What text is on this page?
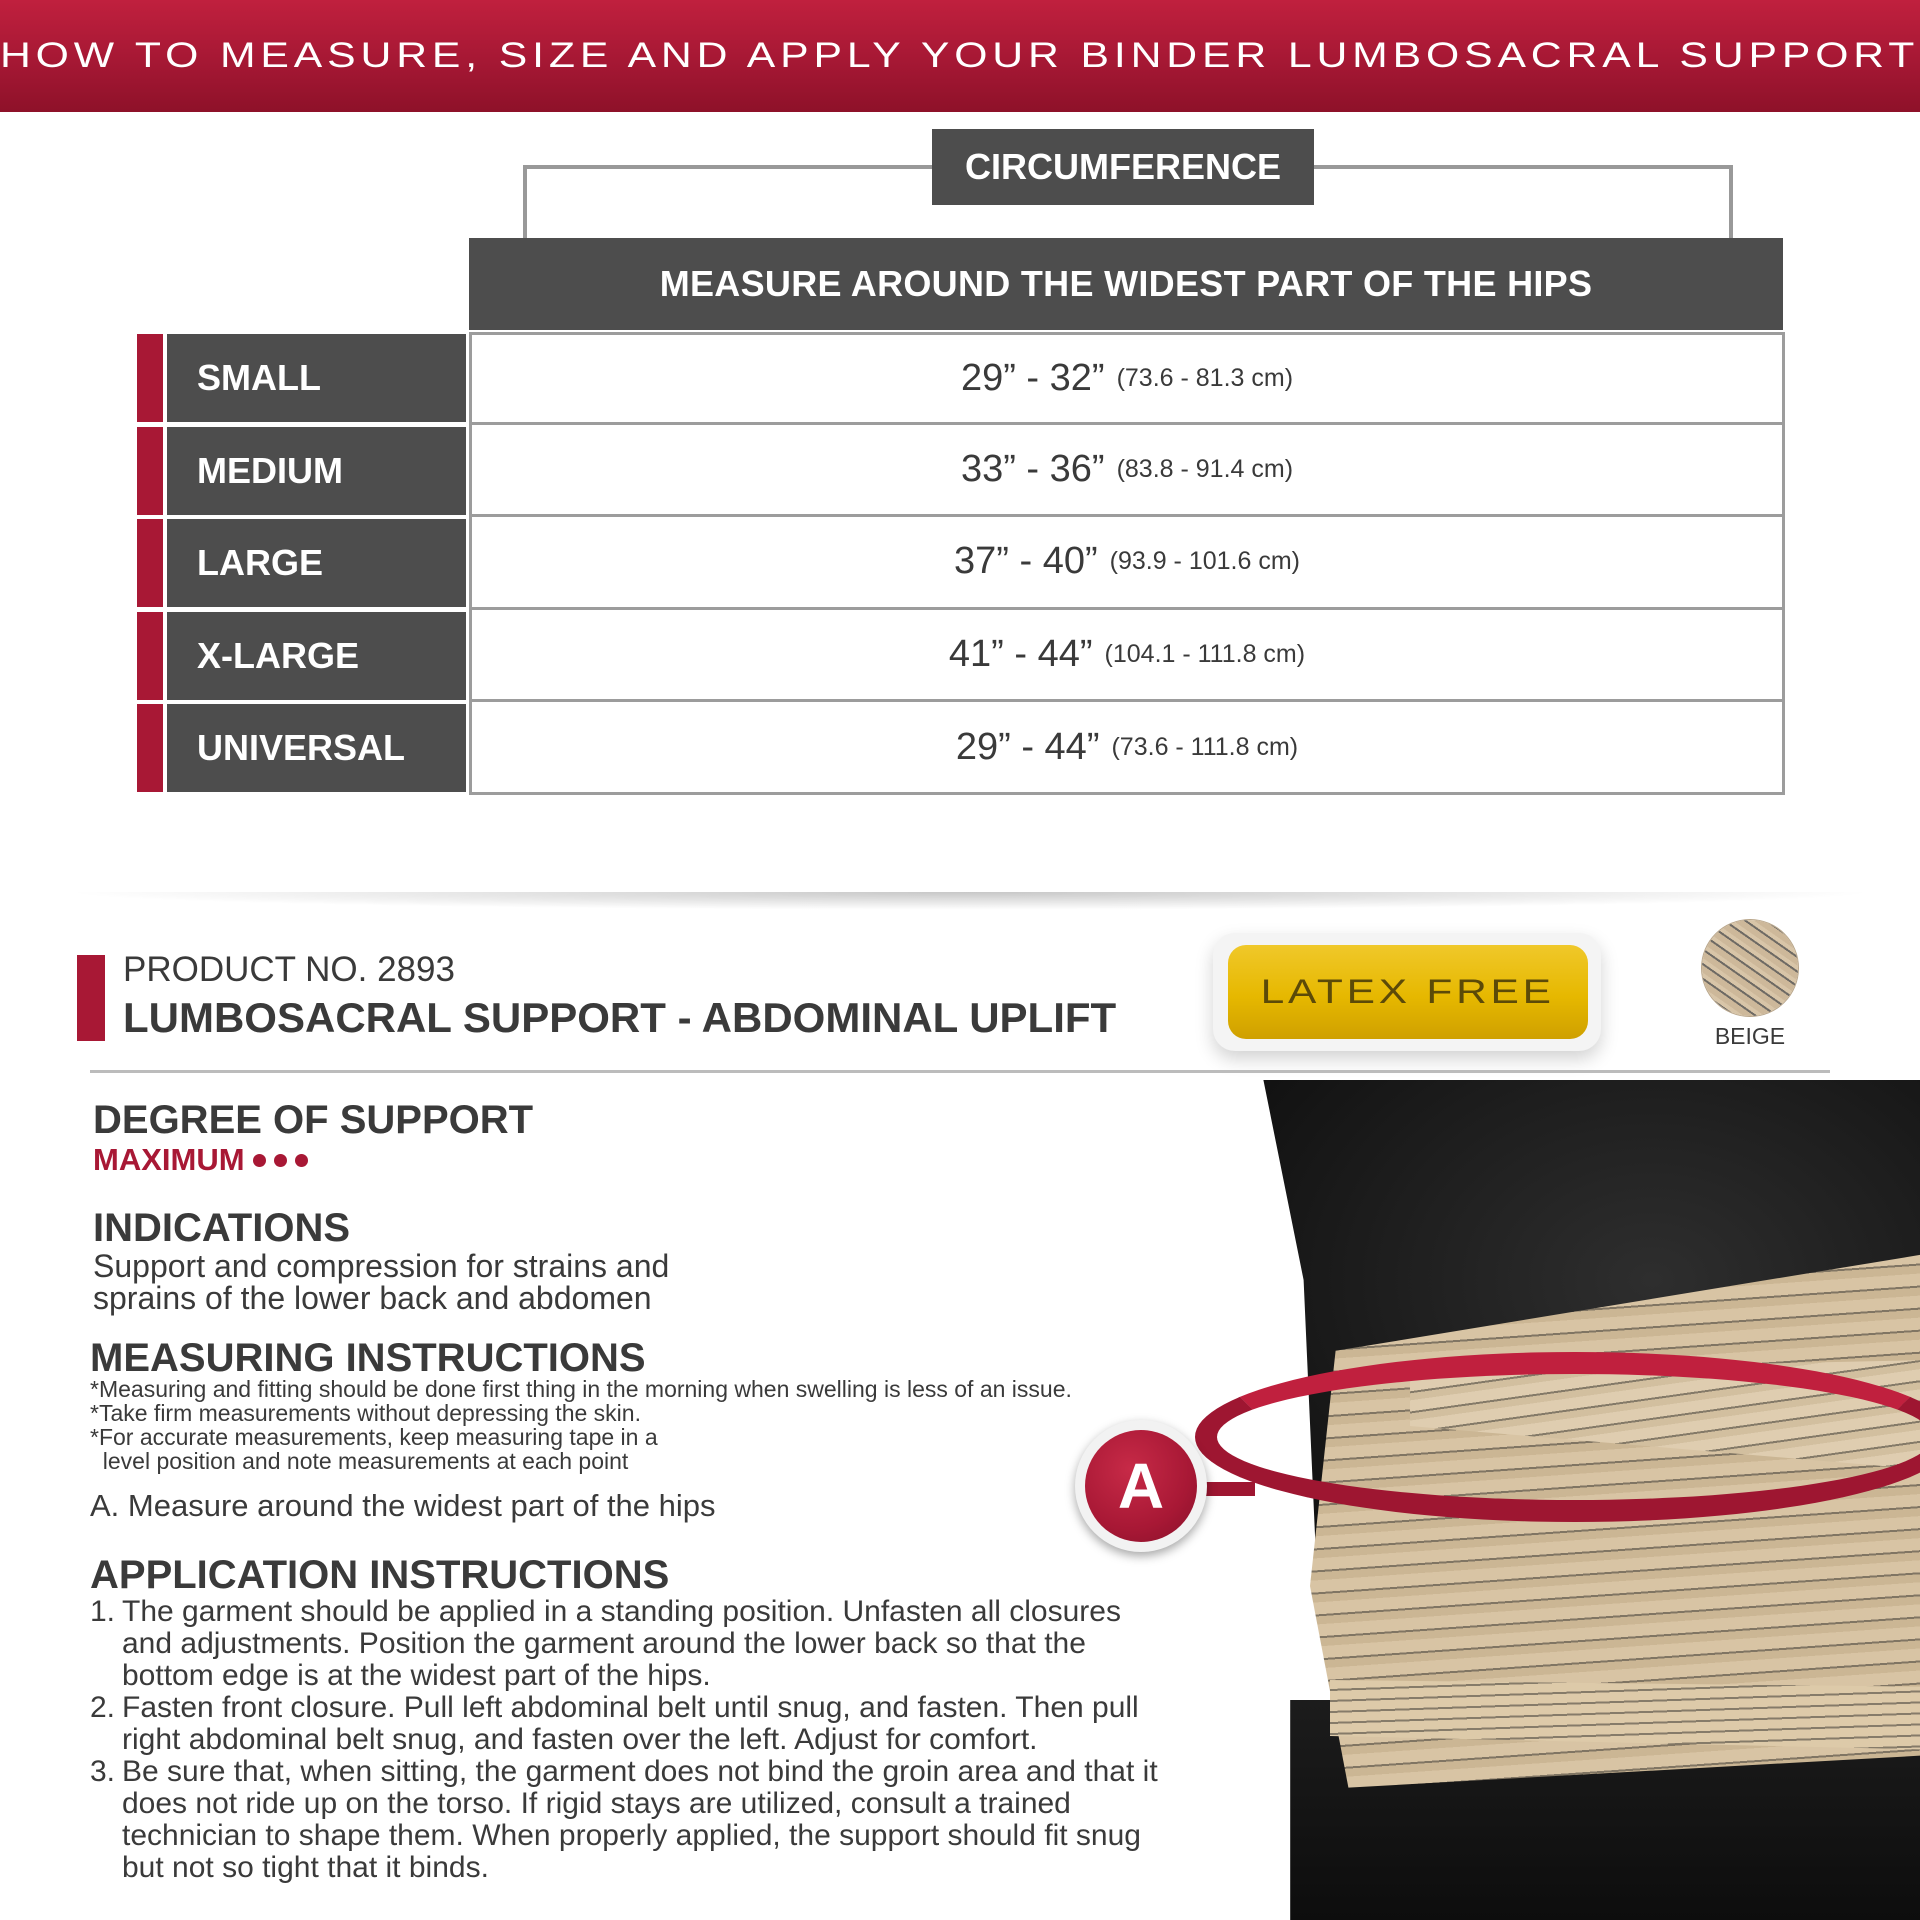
HOW TO MEASURE, SIZE AND APPLY YOUR BINDER LUMBOSACRAL SUPPORT
CIRCUMFERENCE
MEASURE AROUND THE WIDEST PART OF THE HIPS
SMALL	29” - 32” (73.6 - 81.3 cm)
MEDIUM	33” - 36” (83.8 - 91.4 cm)
LARGE	37” - 40” (93.9 - 101.6 cm)
X-LARGE	41” - 44” (104.1 - 111.8 cm)
UNIVERSAL	29” - 44” (73.6 - 111.8 cm)
PRODUCT NO. 2893
LUMBOSACRAL SUPPORT - ABDOMINAL UPLIFT
LATEX FREE
BEIGE
DEGREE OF SUPPORT
MAXIMUM
INDICATIONS
Support and compression for strains and
sprains of the lower back and abdomen
MEASURING INSTRUCTIONS
*Measuring and fitting should be done first thing in the morning when swelling is less of an issue.
*Take firm measurements without depressing the skin.
*For accurate measurements, keep measuring tape in a
level position and note measurements at each point
A. Measure around the widest part of the hips
APPLICATION INSTRUCTIONS
1. The garment should be applied in a standing position. Unfasten all closures and adjustments. Position the garment around the lower back so that the bottom edge is at the widest part of the hips.
2. Fasten front closure. Pull left abdominal belt until snug, and fasten. Then pull right abdominal belt snug, and fasten over the left. Adjust for comfort.
3. Be sure that, when sitting, the garment does not bind the groin area and that it does not ride up on the torso. If rigid stays are utilized, consult a trained technician to shape them. When properly applied, the support should fit snug but not so tight that it binds.
A
